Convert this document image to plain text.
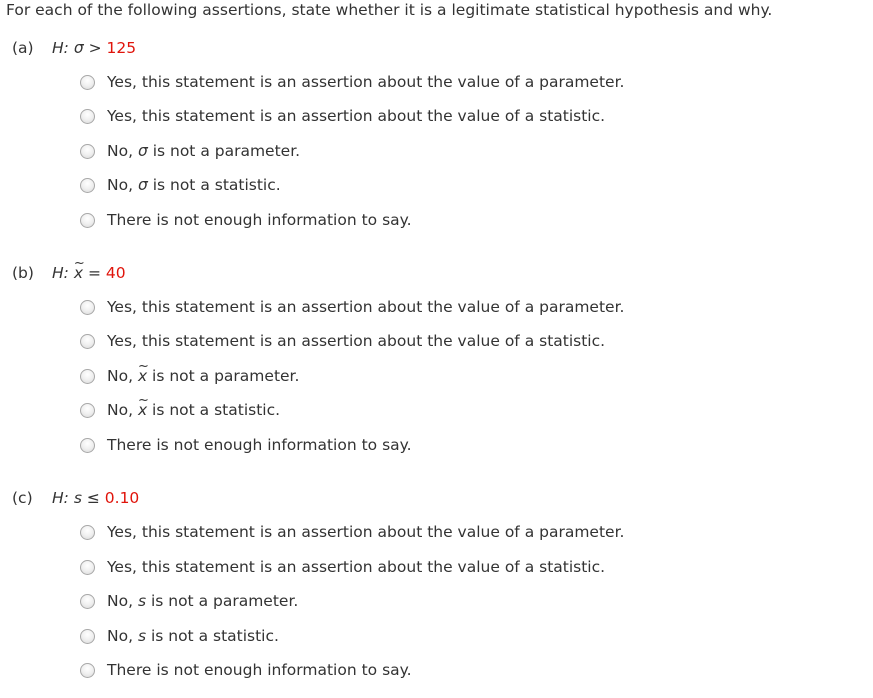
For each of the following assertions, state whether it is a legitimate statistical hypothesis and why.
(a) H: σ > 125
Yes, this statement is an assertion about the value of a parameter.
Yes, this statement is an assertion about the value of a statistic.
No, σ is not a parameter.
No, σ is not a statistic.
There is not enough information to say.
(b) H: ~ x = 40
Yes, this statement is an assertion about the value of a parameter.
Yes, this statement is an assertion about the value of a statistic.
No, ~ x is not a parameter.
No, ~ x is not a statistic.
There is not enough information to say.
(c) H: s ≤ 0.10
Yes, this statement is an assertion about the value of a parameter.
Yes, this statement is an assertion about the value of a statistic.
No, s is not a parameter.
No, s is not a statistic.
There is not enough information to say.
